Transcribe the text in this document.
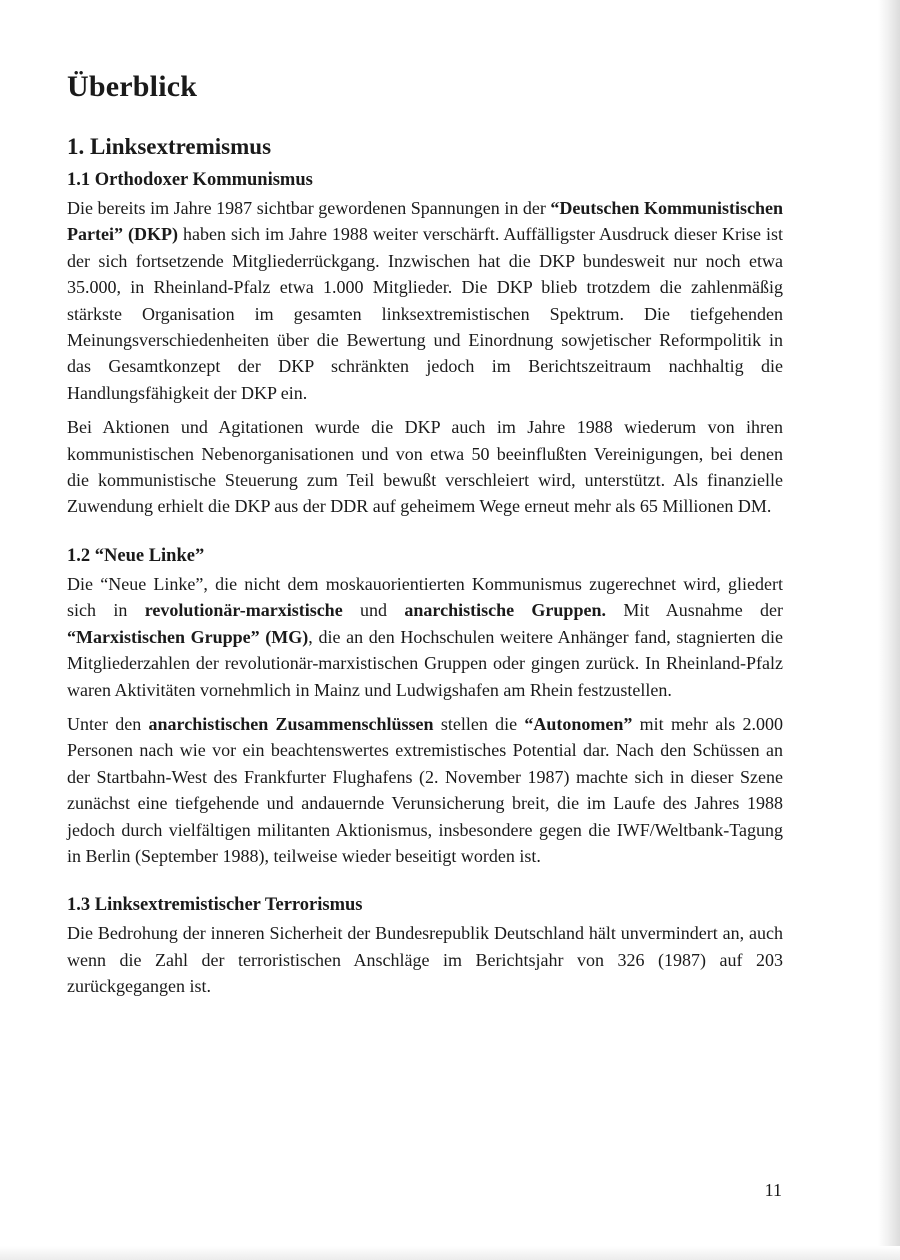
Überblick
1. Linksextremismus
1.1 Orthodoxer Kommunismus

Die bereits im Jahre 1987 sichtbar gewordenen Spannungen in der “Deutschen Kommunistischen Partei” (DKP) haben sich im Jahre 1988 weiter verschärft. Auffälligster Ausdruck dieser Krise ist der sich fortsetzende Mitgliederrückgang. Inzwischen hat die DKP bundesweit nur noch etwa 35.000, in Rheinland-Pfalz etwa 1.000 Mitglieder. Die DKP blieb trotzdem die zahlenmäßig stärkste Organisation im gesamten linksextremistischen Spektrum. Die tiefgehenden Meinungsverschiedenheiten über die Bewertung und Einordnung sowjetischer Reformpolitik in das Gesamtkonzept der DKP schränkten jedoch im Berichtszeitraum nachhaltig die Handlungsfähigkeit der DKP ein.

Bei Aktionen und Agitationen wurde die DKP auch im Jahre 1988 wiederum von ihren kommunistischen Nebenorganisationen und von etwa 50 beeinflußten Vereinigungen, bei denen die kommunistische Steuerung zum Teil bewußt verschleiert wird, unterstützt. Als finanzielle Zuwendung erhielt die DKP aus der DDR auf geheimem Wege erneut mehr als 65 Millionen DM.

1.2 “Neue Linke”

Die “Neue Linke”, die nicht dem moskauorientierten Kommunismus zugerechnet wird, gliedert sich in revolutionär-marxistische und anarchistische Gruppen. Mit Ausnahme der “Marxistischen Gruppe” (MG), die an den Hochschulen weitere Anhänger fand, stagnierten die Mitgliederzahlen der revolutionär-marxistischen Gruppen oder gingen zurück. In Rheinland-Pfalz waren Aktivitäten vornehmlich in Mainz und Ludwigshafen am Rhein festzustellen.

Unter den anarchistischen Zusammenschlüssen stellen die “Autonomen” mit mehr als 2.000 Personen nach wie vor ein beachtenswertes extremistisches Potential dar. Nach den Schüssen an der Startbahn-West des Frankfurter Flughafens (2. November 1987) machte sich in dieser Szene zunächst eine tiefgehende und andauernde Verunsicherung breit, die im Laufe des Jahres 1988 jedoch durch vielfältigen militanten Aktionismus, insbesondere gegen die IWF/Weltbank-Tagung in Berlin (September 1988), teilweise wieder beseitigt worden ist.

1.3 Linksextremistischer Terrorismus

Die Bedrohung der inneren Sicherheit der Bundesrepublik Deutschland hält unvermindert an, auch wenn die Zahl der terroristischen Anschläge im Berichtsjahr von 326 (1987) auf 203 zurückgegangen ist.

11
